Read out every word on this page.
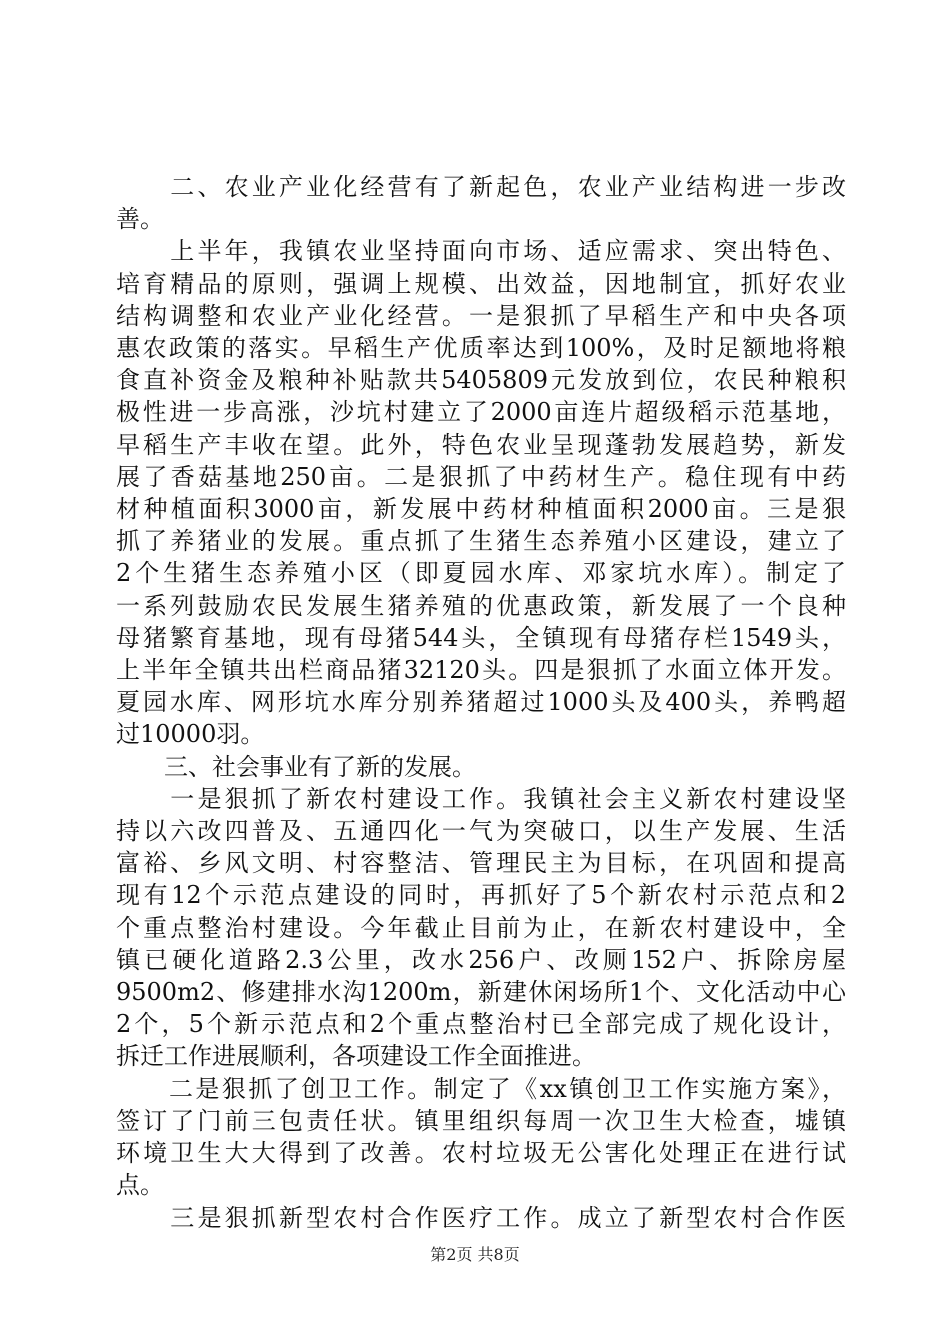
　　二、农业产业化经营有了新起色，农业产业结构进一步改
善。
　　上半年，我镇农业坚持面向市场、适应需求、突出特色、
培育精品的原则，强调上规模、出效益，因地制宜，抓好农业
结构调整和农业产业化经营。一是狠抓了早稻生产和中央各项
惠农政策的落实。早稻生产优质率达到100%，及时足额地将粮
食直补资金及粮种补贴款共5405809元发放到位，农民种粮积
极性进一步高涨，沙坑村建立了2000亩连片超级稻示范基地，
早稻生产丰收在望。此外，特色农业呈现蓬勃发展趋势，新发
展了香菇基地250亩。二是狠抓了中药材生产。稳住现有中药
材种植面积3000亩，新发展中药材种植面积2000亩。三是狠
抓了养猪业的发展。重点抓了生猪生态养殖小区建设，建立了
2个生猪生态养殖小区（即夏园水库、邓家坑水库）。制定了
一系列鼓励农民发展生猪养殖的优惠政策，新发展了一个良种
母猪繁育基地，现有母猪544头，全镇现有母猪存栏1549头，
上半年全镇共出栏商品猪32120头。四是狠抓了水面立体开发。
夏园水库、网形坑水库分别养猪超过1000头及400头，养鸭超
过10000羽。
　　三、社会事业有了新的发展。
　　一是狠抓了新农村建设工作。我镇社会主义新农村建设坚
持以六改四普及、五通四化一气为突破口，以生产发展、生活
富裕、乡风文明、村容整洁、管理民主为目标，在巩固和提高
现有12个示范点建设的同时，再抓好了5个新农村示范点和2
个重点整治村建设。今年截止目前为止，在新农村建设中，全
镇已硬化道路2.3公里，改水256户、改厕152户、拆除房屋
9500m2、修建排水沟1200m，新建休闲场所1个、文化活动中心
2个，5个新示范点和2个重点整治村已全部完成了规化设计，
拆迁工作进展顺利，各项建设工作全面推进。
　　二是狠抓了创卫工作。制定了《xx镇创卫工作实施方案》，
签订了门前三包责任状。镇里组织每周一次卫生大检查，墟镇
环境卫生大大得到了改善。农村垃圾无公害化处理正在进行试
点。
　　三是狠抓新型农村合作医疗工作。成立了新型农村合作医
第2页 共8页
